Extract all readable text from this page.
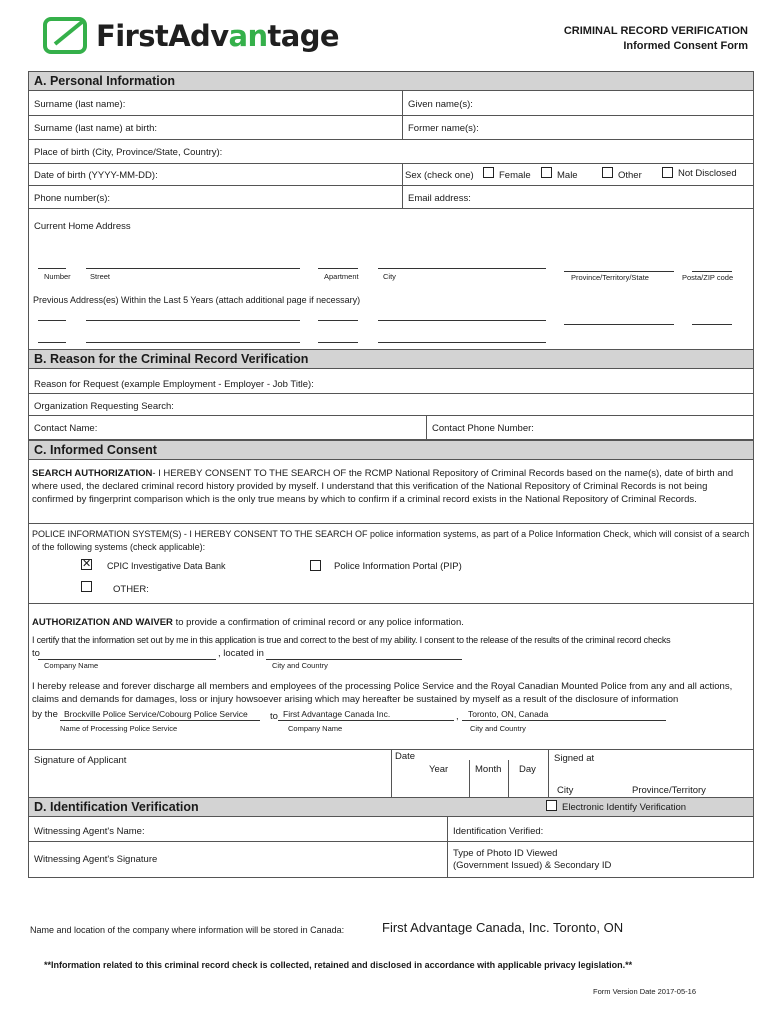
FirstAdvantage	CRIMINAL RECORD VERIFICATION
Informed Consent Form
A. Personal Information
Surname (last name):	Given name(s):
Surname (last name) at birth:	Former name(s):
Place of birth (City, Province/State, Country):
Date of birth (YYYY-MM-DD):	Sex (check one)	Female	Male	Other	Not Disclosed
Phone number(s):	Email address:
Current Home Address
Number	Street	Apartment	City	Province/Territory/State	Posta/ZIP code
Previous Address(es) Within the Last 5 Years (attach additional page if necessary)
B. Reason for the Criminal Record Verification
Reason for Request (example Employment - Employer - Job Title):
Organization Requesting Search:
Contact Name:	Contact Phone Number:
C. Informed Consent
SEARCH AUTHORIZATION- I HEREBY CONSENT TO THE SEARCH OF the RCMP National Repository of Criminal Records based on the name(s), date of birth and where used, the declared criminal record history provided by myself. I understand that this verification of the National Repository of Criminal Records is not being confirmed by fingerprint comparison which is the only true means by which to confirm if a criminal record exists in the National Repository of Criminal Records.
POLICE INFORMATION SYSTEM(S) - I HEREBY CONSENT TO THE SEARCH OF police information systems, as part of a Police Information Check, which will consist of a search of the following systems (check applicable):
✕
CPIC Investigative Data Bank	Police Information Portal (PIP)
OTHER:
AUTHORIZATION AND WAIVER to provide a confirmation of criminal record or any police information.
I certify that the information set out by me in this application is true and correct to the best of my ability. I consent to the release of the results of the criminal record checks
to	, located in
Company Name	City and Country
I hereby release and forever discharge all members and employees of the processing Police Service and the Royal Canadian Mounted Police from any and all actions, claims and demands for damages, loss or injury howsoever arising which may hereafter be sustained by myself as a result of the disclosure of information
by the Brockville Police Service/Cobourg Police Service	to First Advantage Canada Inc.	,	Toronto, ON, Canada
Name of Processing Police Service	Company Name	City and Country
Signature of Applicant	Date
Year	Month	Day
Signed at
City	Province/Territory
D. Identification Verification	Electronic Identify Verification
Witnessing Agent's Name:	Identification Verified:
Witnessing Agent's Signature
Type of Photo ID Viewed
(Government Issued) & Secondary ID
Name and location of the company where information will be stored in Canada:	First Advantage Canada, Inc. Toronto, ON
**Information related to this criminal record check is collected, retained and disclosed in accordance with applicable privacy legislation.**
Form Version Date 2017-05-16
